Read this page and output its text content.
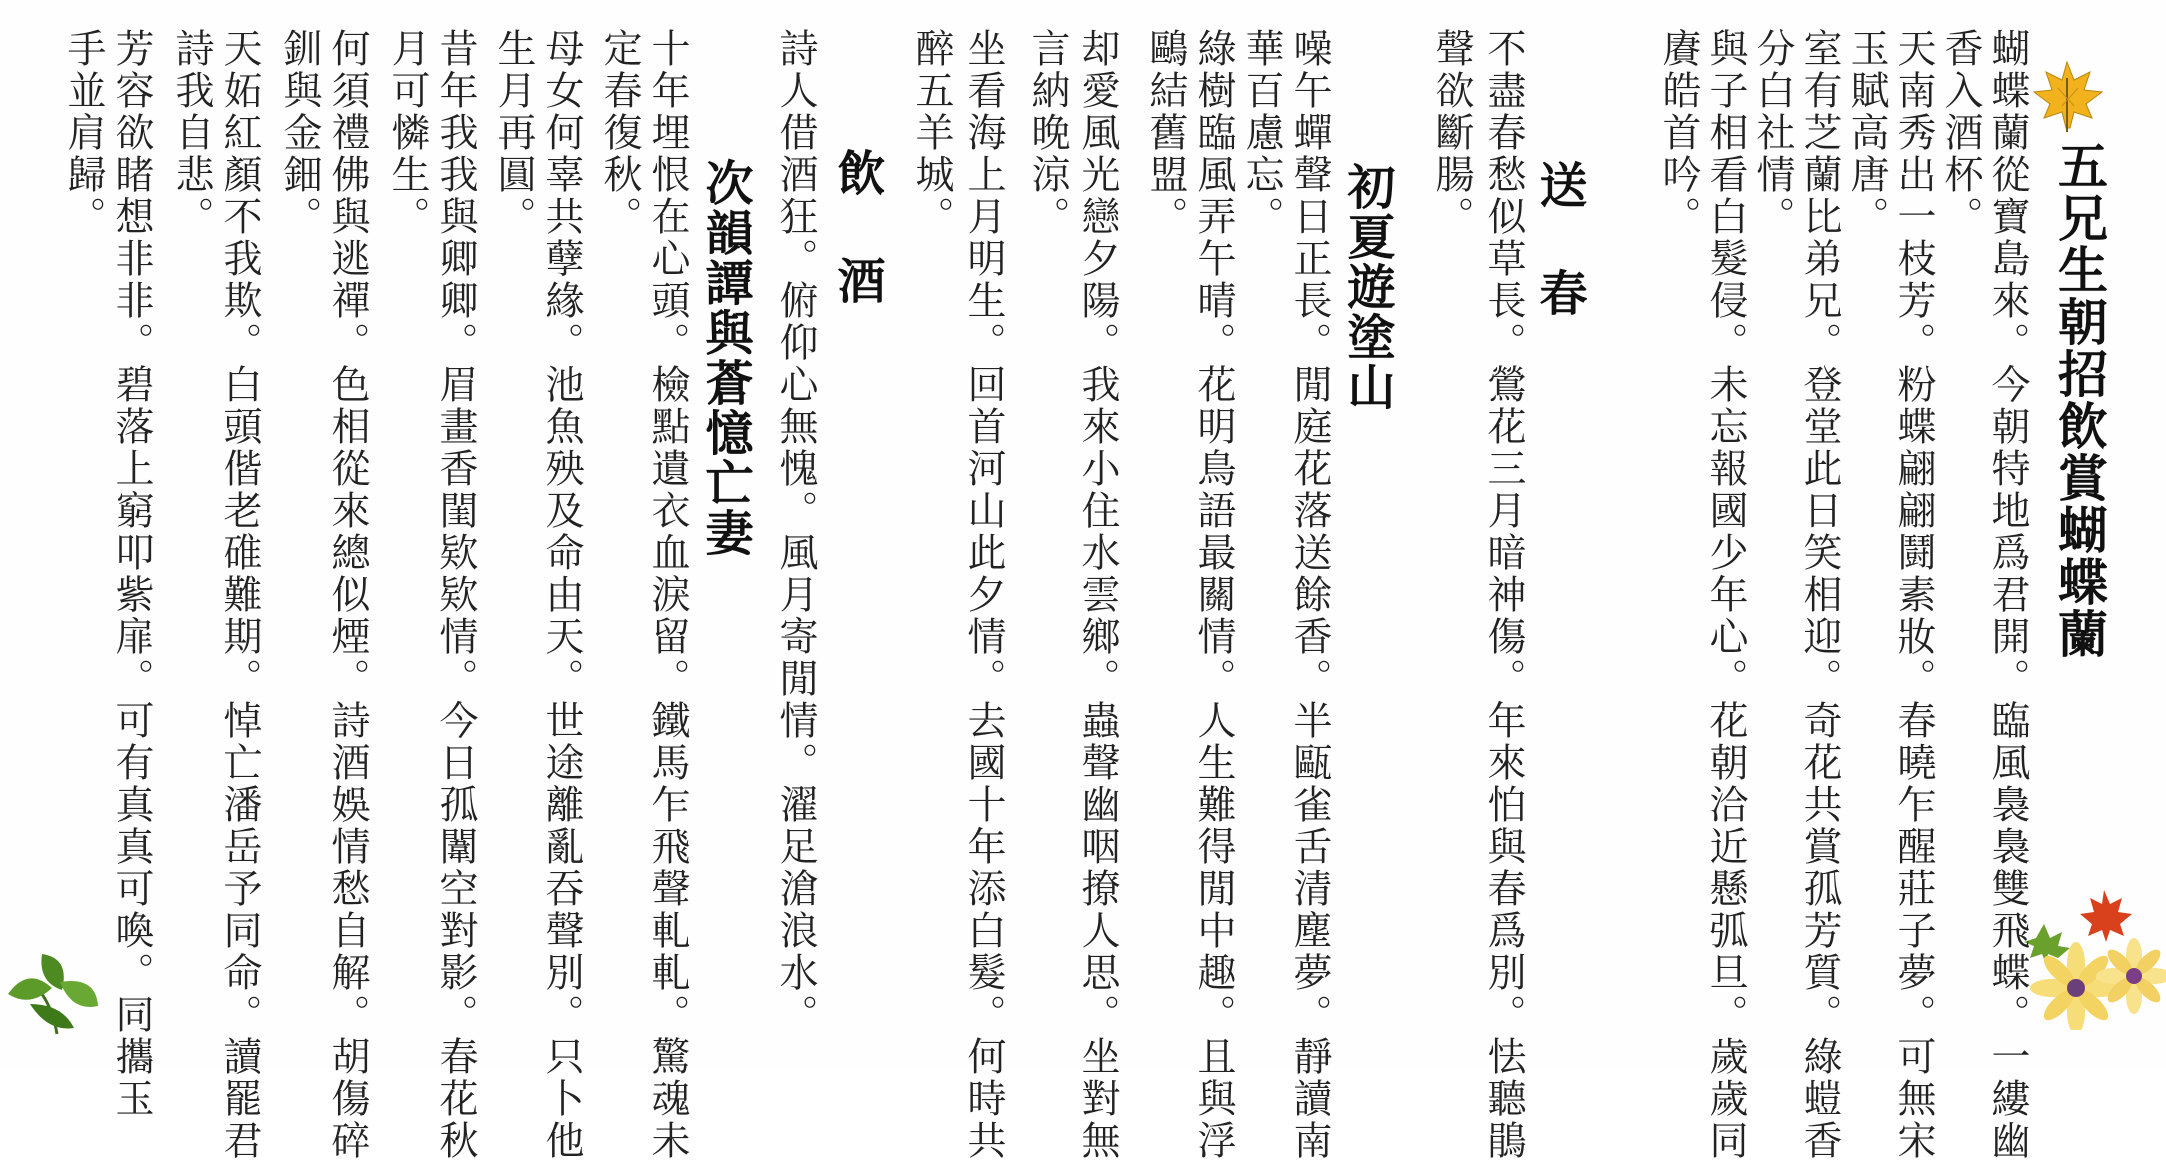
五兄生朝招飲賞蝴蝶蘭
蝴蝶蘭從寶島來。今朝特地爲君開。臨風裊裊雙飛蝶。一縷幽
香入酒杯。
天南秀出一枝芳。粉蝶翩翩鬪素妝。春曉乍醒莊子夢。可無宋
玉賦高唐。
室有芝蘭比弟兄。登堂此日笑相迎。奇花共賞孤芳質。綠螘香
分白社情。
與子相看白髮侵。未忘報國少年心。花朝洽近懸弧旦。歲歲同
賡皓首吟。
送春
不盡春愁似草長。鶯花三月暗神傷。年來怕與春爲別。怯聽鵑
聲欲斷腸。
初夏遊塗山
噪午蟬聲日正長。閒庭花落送餘香。半甌雀舌清塵夢。靜讀南
華百慮忘。
綠樹臨風弄午晴。花明鳥語最關情。人生難得閒中趣。且與浮
鷗結舊盟。
却愛風光戀夕陽。我來小住水雲鄉。蟲聲幽咽撩人思。坐對無
言納晚涼。
坐看海上月明生。回首河山此夕情。去國十年添白髮。何時共
醉五羊城。
飲酒
詩人借酒狂。俯仰心無愧。風月寄閒情。濯足滄浪水。
次韻譚與蒼憶亡妻
十年埋恨在心頭。檢點遺衣血淚留。鐵馬乍飛聲軋軋。驚魂未
定春復秋。
母女何辜共孽緣。池魚殃及命由天。世途離亂吞聲別。只卜他
生月再圓。
昔年我我與卿卿。眉畫香閨欵欵情。今日孤闈空對影。春花秋
月可憐生。
何須禮佛與逃禪。色相從來總似煙。詩酒娛情愁自解。胡傷碎
釧與金鈿。
天妬紅顏不我欺。白頭偕老碓難期。悼亡潘岳予同命。讀罷君
詩我自悲。
芳容欲睹想非非。碧落上窮叩紫扉。可有真真可喚。同攜玉
手並肩歸。
